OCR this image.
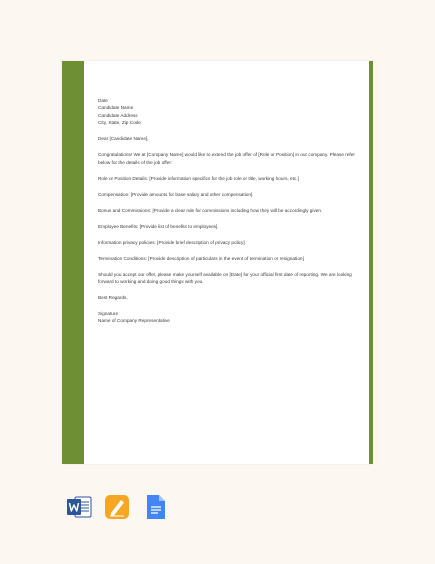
Date

Candidate Name

Candidate Address

City, State, Zip Code

Dear [Candidate Name],

Congratulations! We at [Company Name] would like to extend the job offer of [Role or Position] in our company. Please refer below for the details of the job offer:

Role or Position Details: [Provide information specifics for the job role or title, working hours, etc.]

Compensation: [Provide amounts for base salary and other compensation]

Bonus and Commissions: [Provide a clear rule for commissions including how they will be accordingly given.

Employee Benefits: [Provide list of benefits to employees].

Information privacy policies: [Provide brief description of privacy policy]

Termination Conditions: [Provide description of particulars in the event of termination or resignation]

Should you accept our offer, please make yourself available on [Date] for your official first date of reporting. We are looking forward to working and doing good things with you.

Best Regards,

Signature

Name of Company Representative
